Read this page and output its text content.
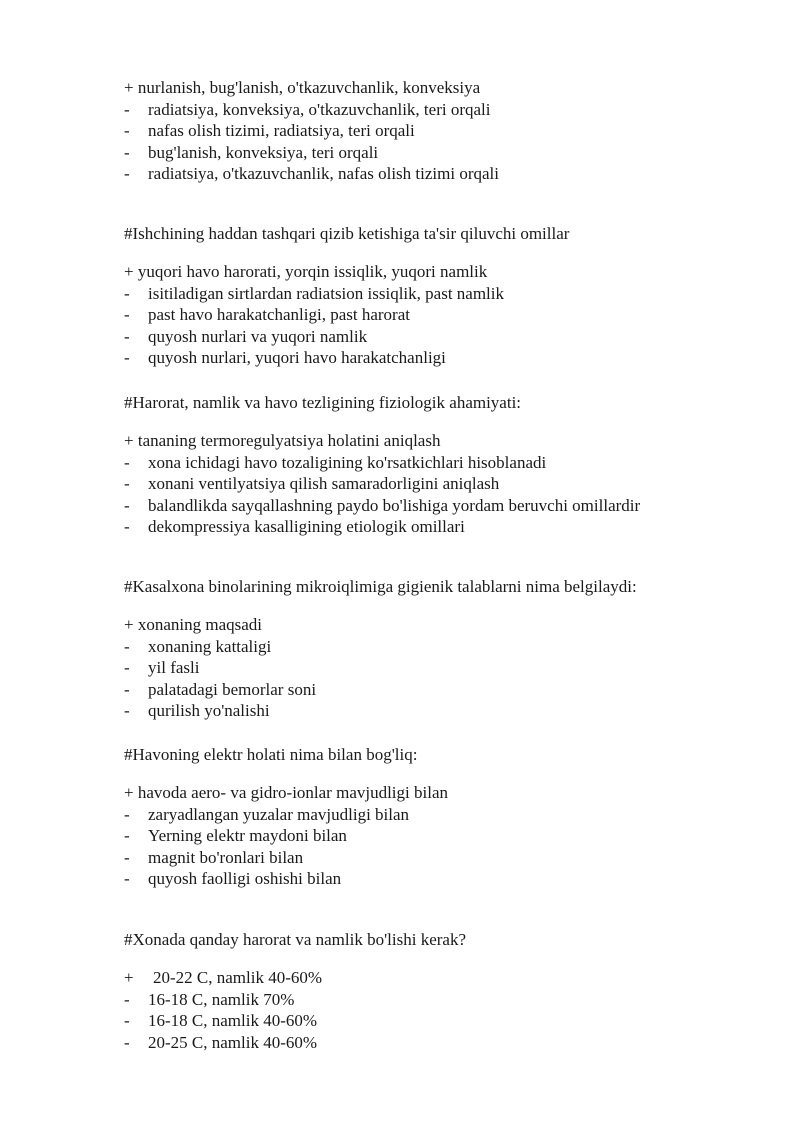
+ nurlanish, bug'lanish, o'tkazuvchanlik, konveksiya
- radiatsiya, konveksiya, o'tkazuvchanlik, teri orqali
- nafas olish tizimi, radiatsiya, teri orqali
- bug'lanish, konveksiya, teri orqali
- radiatsiya, o'tkazuvchanlik, nafas olish tizimi orqali
#Ishchining haddan tashqari qizib ketishiga ta'sir qiluvchi omillar
+ yuqori havo harorati, yorqin issiqlik, yuqori namlik
- isitiladigan sirtlardan radiatsion issiqlik, past namlik
- past havo harakatchanligi, past harorat
- quyosh nurlari va yuqori namlik
- quyosh nurlari, yuqori havo harakatchanligi
#Harorat, namlik va havo tezligining fiziologik ahamiyati:
+ tananing termoregulyatsiya holatini aniqlash
- xona ichidagi havo tozaligining ko'rsatkichlari hisoblanadi
- xonani ventilyatsiya qilish samaradorligini aniqlash
- balandlikda sayqallashning paydo bo'lishiga yordam beruvchi omillardir
- dekompressiya kasalligining etiologik omillari
#Kasalxona binolarining mikroiqlimiga gigienik talablarni nima belgilaydi:
+ xonaning maqsadi
- xonaning kattaligi
- yil fasli
- palatadagi bemorlar soni
- qurilish yo'nalishi
#Havoning elektr holati nima bilan bog'liq:
+ havoda aero- va gidro-ionlar mavjudligi bilan
- zaryadlangan yuzalar mavjudligi bilan
- Yerning elektr maydoni bilan
- magnit bo'ronlari bilan
- quyosh faolligi oshishi bilan
#Xonada qanday harorat va namlik bo'lishi kerak?
+ 20-22 C, namlik 40-60%
- 16-18 C, namlik 70%
- 16-18 C, namlik 40-60%
- 20-25 C, namlik 40-60%
